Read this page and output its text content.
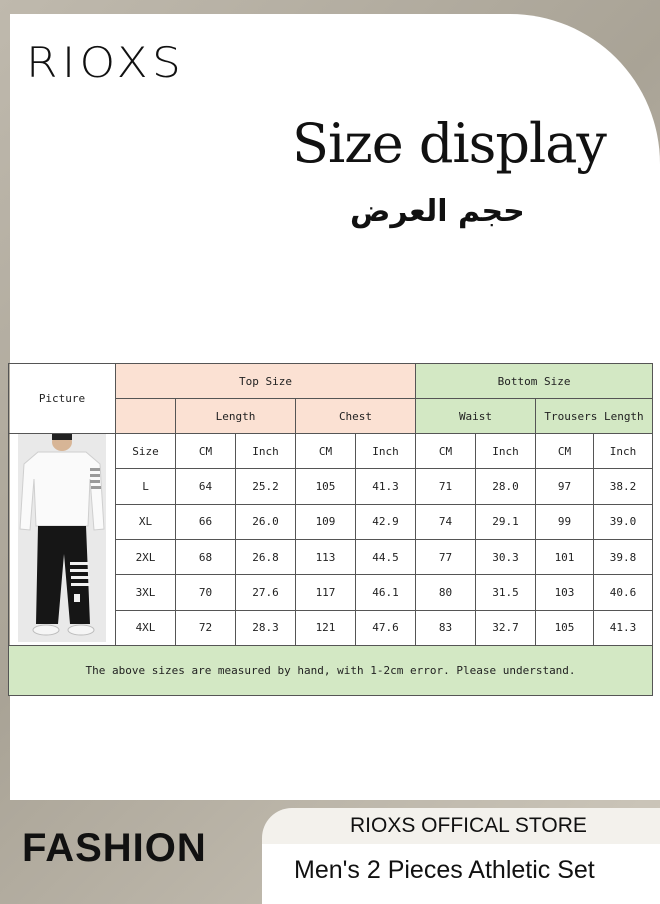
RIOXS
Size display
حجم العرض
Picture	Top Size					Bottom Size			
		Length		Chest		Waist		Trousers Length	
	Size	CM	Inch	CM	Inch	CM	Inch	CM	Inch
	L	64	25.2	105	41.3	71	28.0	97	38.2
	XL	66	26.0	109	42.9	74	29.1	99	39.0
	2XL	68	26.8	113	44.5	77	30.3	101	39.8
	3XL	70	27.6	117	46.1	80	31.5	103	40.6
	4XL	72	28.3	121	47.6	83	32.7	105	41.3
The above sizes are measured by hand, with 1-2cm error. Please understand.									
RIOXS OFFICAL STORE
FASHION	Men's 2 Pieces Athletic Set
